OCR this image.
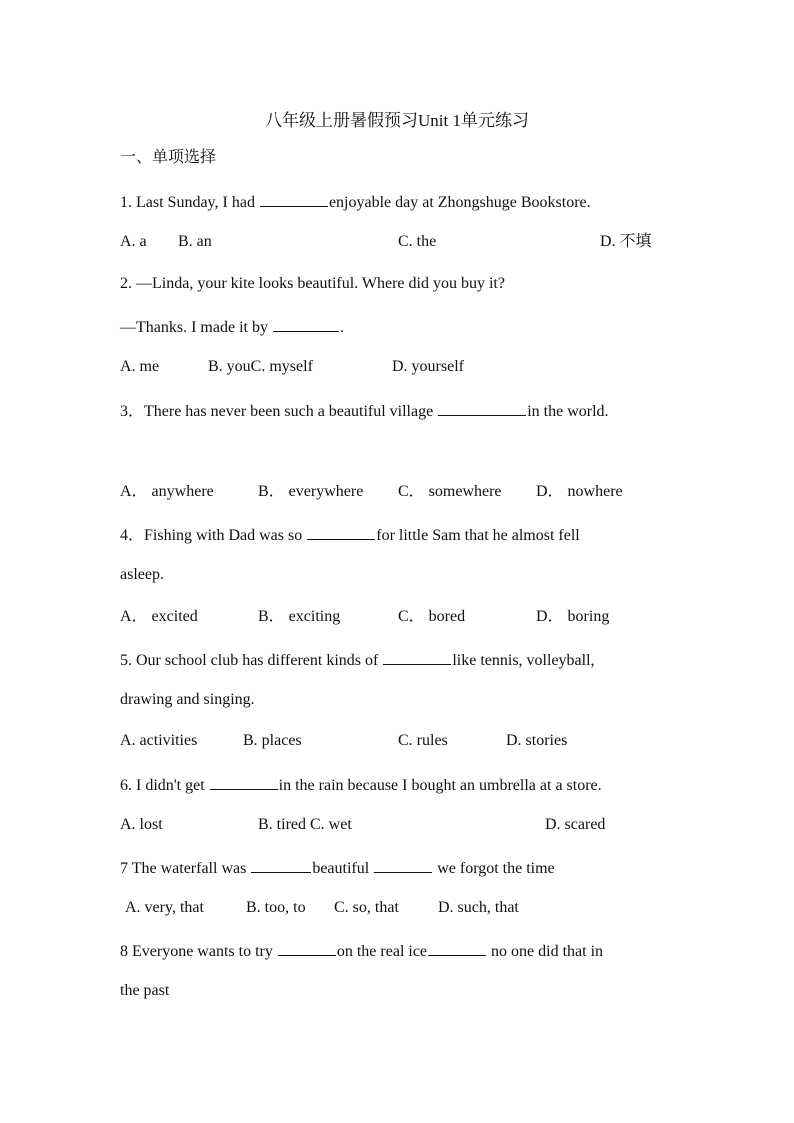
八年级上册暑假预习Unit 1单元练习
一、单项选择
1. Last Sunday, I had	enjoyable day at Zhongshuge Bookstore.
A. a B. an	C. the	D. 不填
2. —Linda, your kite looks beautiful. Where did you buy it?
—Thanks. I made it by	.
A. me	B. youC. myself	D. yourself
3．There has never been such a beautiful village	in the world.
A． anywhere	B． everywhere C． somewhere D． nowhere
4．Fishing with Dad was so	for little Sam that he almost fell
asleep.
A． excited	B． exciting	C． bored	D． boring
5. Our school club has different kinds of	like tennis, volleyball,
drawing and singing.
A. activities	B. places	C. rules	D. stories
6. I didn't get	in the rain because I bought an umbrella at a store.
A. lost	B. tired C. wet	D. scared
7 The waterfall was	beautiful	we forgot the time
A. very, that	B. too, to C. so, that D. such, that
8 Everyone wants to try	on the real ice	no one did that in
the past
